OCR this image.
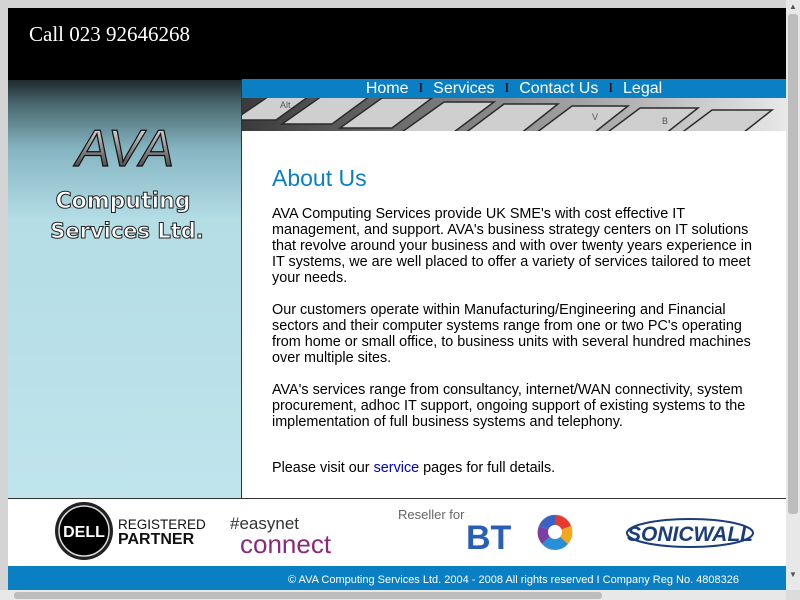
Call 023 92646268
AVA
Computing
Services Ltd.
Home I Services I Contact Us I Legal
Alt
V	B
About Us

AVA Computing Services provide UK SME's with cost effective IT management, and support. AVA's business strategy centers on IT solutions that revolve around your business and with over twenty years experience in IT systems, we are well placed to offer a variety of services tailored to meet your needs.

Our customers operate within Manufacturing/Engineering and Financial sectors and their computer systems range from one or two PC's operating from home or small office, to business units with several hundred machines over multiple sites.

AVA's services range from consultancy, internet/WAN connectivity, system procurement, adhoc IT support, ongoing support of existing systems to the implementation of full business systems and telephony.

Please visit our service pages for full details.

DELL REGISTERED
PARTNER
#easynet
connect
Reseller for
BT	SONICWALL
© AVA Computing Services Ltd. 2004 - 2008 All rights reserved I Company Reg No. 4808326
▲
▼
